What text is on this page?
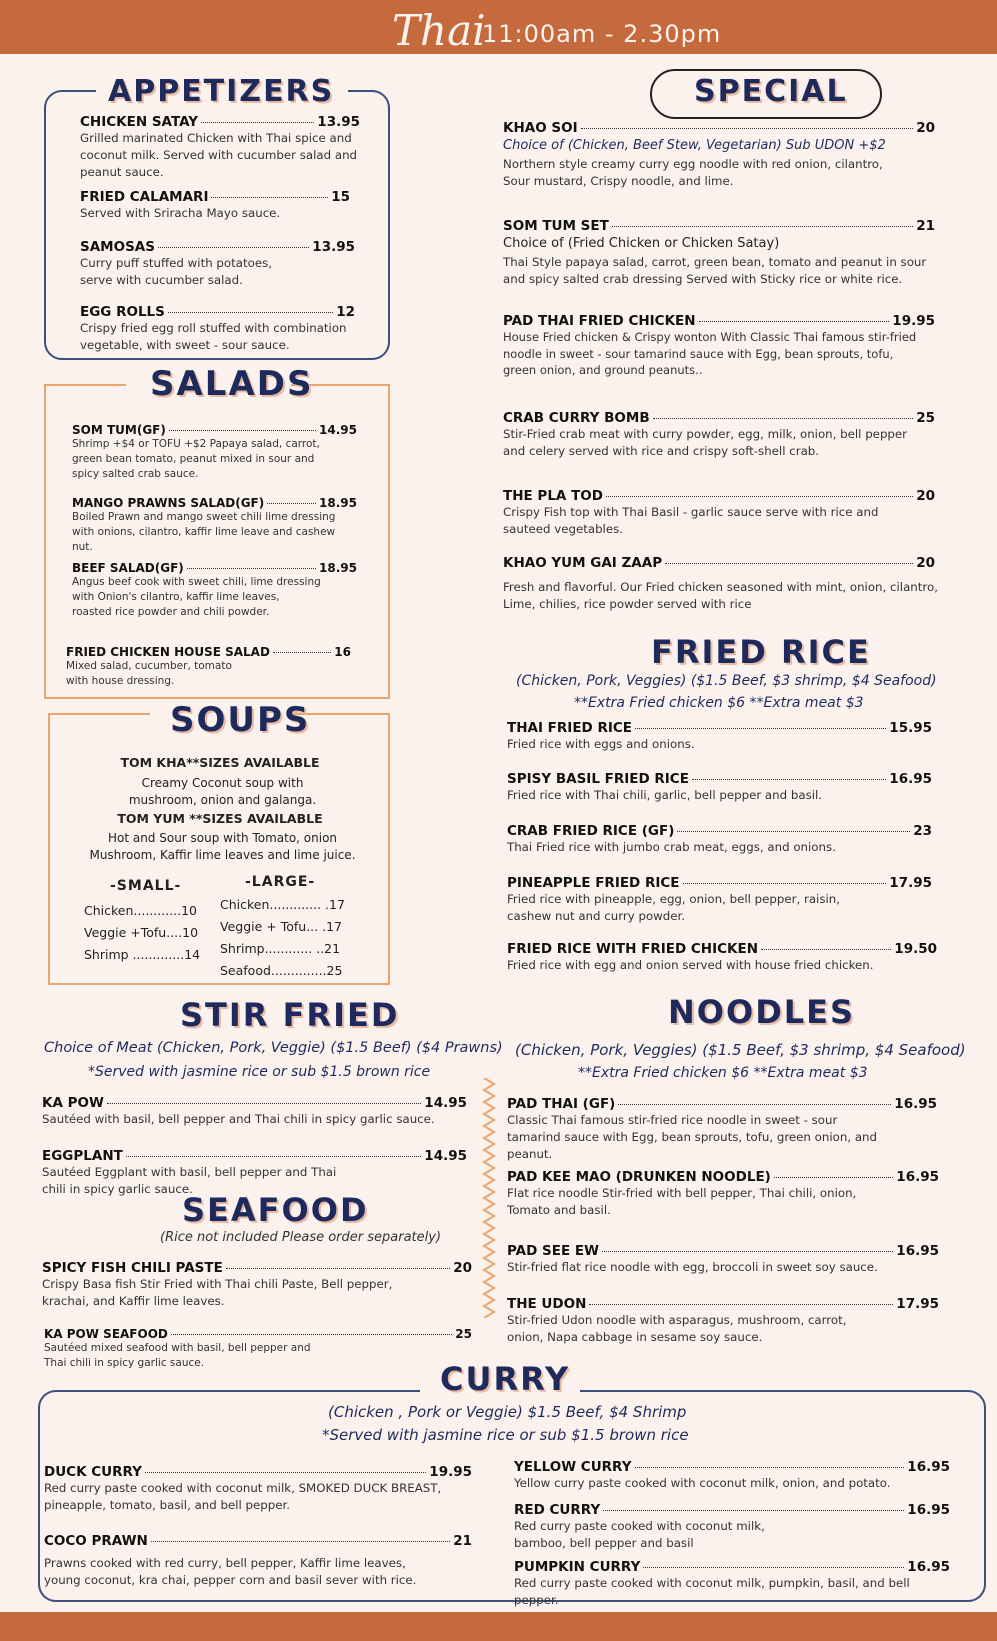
Thai
11:00am - 2.30pm
APPETIZERS
CHICKEN SATAY	13.95
Grilled marinated Chicken with Thai spice and coconut milk. Served with cucumber salad and peanut sauce.
FRIED CALAMARI	15
Served with Sriracha Mayo sauce.
SAMOSAS	13.95
Curry puff stuffed with potatoes, serve with cucumber salad.
EGG ROLLS	12
Crispy fried egg roll stuffed with combination vegetable, with sweet - sour sauce.
SALADS
SOM TUM(GF)	14.95
Shrimp +$4 or TOFU +$2 Papaya salad, carrot, green bean tomato, peanut mixed in sour and spicy salted crab sauce.
MANGO PRAWNS SALAD(GF)	18.95
Boiled Prawn and mango sweet chili lime dressing with onions, cilantro, kaffir lime leave and cashew nut.
BEEF SALAD(GF)	18.95
Angus beef cook with sweet chili, lime dressing with Onion's cilantro, kaffir lime leaves, roasted rice powder and chili powder.
FRIED CHICKEN HOUSE SALAD	16
Mixed salad, cucumber, tomato with house dressing.
SOUPS
TOM KHA**SIZES AVAILABLE
Creamy Coconut soup with mushroom, onion and galanga.
TOM YUM **SIZES AVAILABLE
Hot and Sour soup with Tomato, onion Mushroom, Kaffir lime leaves and lime juice.
-SMALL-
Chicken............10
Veggie +Tofu....10
Shrimp .............14
-LARGE-
Chicken............. .17
Veggie + Tofu... .17
Shrimp............ ..21
Seafood..............25
STIR FRIED
Choice of Meat (Chicken, Pork, Veggie) ($1.5 Beef) ($4 Prawns)
*Served with jasmine rice or sub $1.5 brown rice
KA POW	14.95
Sautéed with basil, bell pepper and Thai chili in spicy garlic sauce.
EGGPLANT	14.95
Sautéed Eggplant with basil, bell pepper and Thai chili in spicy garlic sauce.
SEAFOOD
(Rice not included Please order separately)
SPICY FISH CHILI PASTE	20
Crispy Basa fish Stir Fried with Thai chili Paste, Bell pepper, krachai, and Kaffir lime leaves.
KA POW SEAFOOD	25
Sautéed mixed seafood with basil, bell pepper and Thai chili in spicy garlic sauce.
SPECIAL
KHAO SOI	20
Choice of (Chicken, Beef Stew, Vegetarian) Sub UDON +$2
Northern style creamy curry egg noodle with red onion, cilantro, Sour mustard, Crispy noodle, and lime.
SOM TUM SET	21
Choice of (Fried Chicken or Chicken Satay)
Thai Style papaya salad, carrot, green bean, tomato and peanut in sour and spicy salted crab dressing Served with Sticky rice or white rice.
PAD THAI FRIED CHICKEN	19.95
House Fried chicken & Crispy wonton With Classic Thai famous stir-fried noodle in sweet - sour tamarind sauce with Egg, bean sprouts, tofu, green onion, and ground peanuts..
CRAB CURRY BOMB	25
Stir-Fried crab meat with curry powder, egg, milk, onion, bell pepper and celery served with rice and crispy soft-shell crab.
THE PLA TOD	20
Crispy Fish top with Thai Basil - garlic sauce serve with rice and sauteed vegetables.
KHAO YUM GAI ZAAP	20
Fresh and flavorful. Our Fried chicken seasoned with mint, onion, cilantro, Lime, chilies, rice powder served with rice
FRIED RICE
(Chicken, Pork, Veggies) ($1.5 Beef, $3 shrimp, $4 Seafood)
**Extra Fried chicken $6 **Extra meat $3
THAI FRIED RICE	15.95
Fried rice with eggs and onions.
SPISY BASIL FRIED RICE	16.95
Fried rice with Thai chili, garlic, bell pepper and basil.
CRAB FRIED RICE (GF)	23
Thai Fried rice with jumbo crab meat, eggs, and onions.
PINEAPPLE FRIED RICE	17.95
Fried rice with pineapple, egg, onion, bell pepper, raisin, cashew nut and curry powder.
FRIED RICE WITH FRIED CHICKEN	19.50
Fried rice with egg and onion served with house fried chicken.
NOODLES
(Chicken, Pork, Veggies) ($1.5 Beef, $3 shrimp, $4 Seafood)
**Extra Fried chicken $6 **Extra meat $3
PAD THAI (GF)	16.95
Classic Thai famous stir-fried rice noodle in sweet - sour tamarind sauce with Egg, bean sprouts, tofu, green onion, and peanut.
PAD KEE MAO (DRUNKEN NOODLE)	16.95
Flat rice noodle Stir-fried with bell pepper, Thai chili, onion, Tomato and basil.
PAD SEE EW	16.95
Stir-fried flat rice noodle with egg, broccoli in sweet soy sauce.
THE UDON	17.95
Stir-fried Udon noodle with asparagus, mushroom, carrot, onion, Napa cabbage in sesame soy sauce.
CURRY
(Chicken , Pork or Veggie) $1.5 Beef, $4 Shrimp
*Served with jasmine rice or sub $1.5 brown rice
DUCK CURRY	19.95
Red curry paste cooked with coconut milk, SMOKED DUCK BREAST, pineapple, tomato, basil, and bell pepper.
COCO PRAWN	21
Prawns cooked with red curry, bell pepper, Kaffir lime leaves, young coconut, kra chai, pepper corn and basil sever with rice.
YELLOW CURRY	16.95
Yellow curry paste cooked with coconut milk, onion, and potato.
RED CURRY	16.95
Red curry paste cooked with coconut milk, bamboo, bell pepper and basil
PUMPKIN CURRY	16.95
Red curry paste cooked with coconut milk, pumpkin, basil, and bell pepper.
